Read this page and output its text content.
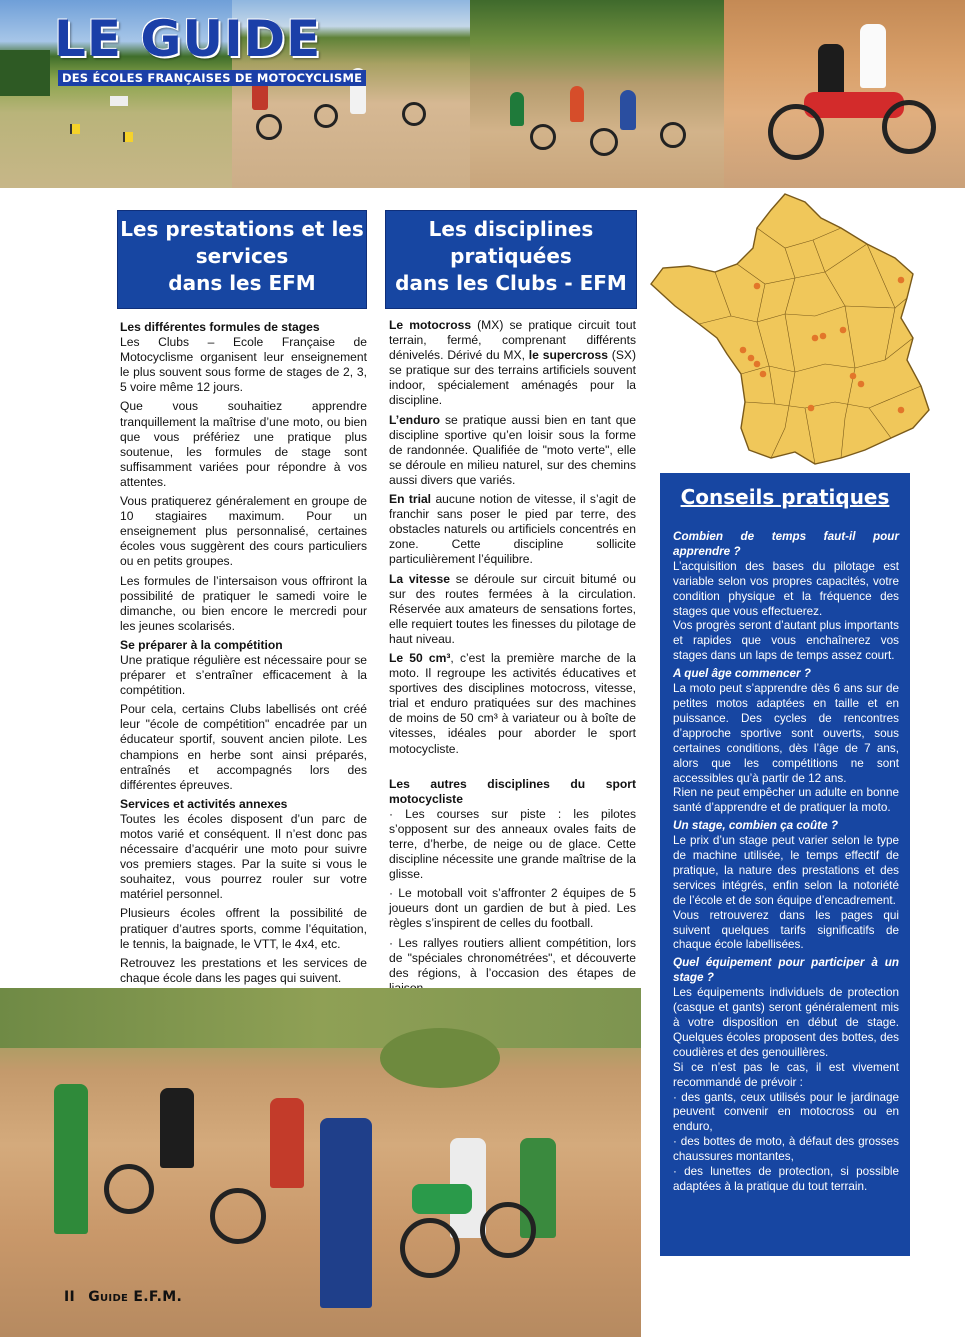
LE GUIDE
DES ÉCOLES FRANÇAISES DE MOTOCYCLISME
Les prestations et les
services
dans les EFM
Les disciplines
pratiquées
dans les Clubs - EFM
Les différentes formules de stages

Les Clubs – Ecole Française de Motocyclisme organisent leur enseignement le plus souvent sous forme de stages de 2, 3, 5 voire même 12 jours.

Que vous souhaitiez apprendre tranquillement la maîtrise d’une moto, ou bien que vous préfériez une pratique plus soutenue, les formules de stage sont suffisamment variées pour répondre à vos attentes.

Vous pratiquerez généralement en groupe de 10 stagiaires maximum. Pour un enseignement plus personnalisé, certaines écoles vous suggèrent des cours particuliers ou en petits groupes.

Les formules de l’intersaison vous offriront la possibilité de pratiquer le samedi voire le dimanche, ou bien encore le mercredi pour les jeunes scolarisés.

Se préparer à la compétition

Une pratique régulière est nécessaire pour se préparer et s’entraîner efficacement à la compétition.

Pour cela, certains Clubs labellisés ont créé leur "école de compétition" encadrée par un éducateur sportif, souvent ancien pilote. Les champions en herbe sont ainsi préparés, entraînés et accompagnés lors des différentes épreuves.

Services et activités annexes

Toutes les écoles disposent d’un parc de motos varié et conséquent. Il n’est donc pas nécessaire d’acquérir une moto pour suivre vos premiers stages. Par la suite si vous le souhaitez, vous pourrez rouler sur votre matériel personnel.

Plusieurs écoles offrent la possibilité de pratiquer d’autres sports, comme l’équitation, le tennis, la baignade, le VTT, le 4x4, etc.

Retrouvez les prestations et les services de chaque école dans les pages qui suivent.

Le motocross (MX) se pratique circuit tout terrain, fermé, comprenant différents dénivelés. Dérivé du MX, le supercross (SX) se pratique sur des terrains artificiels souvent indoor, spécialement aménagés pour la discipline.

L’enduro se pratique aussi bien en tant que discipline sportive qu’en loisir sous la forme de randonnée. Qualifiée de "moto verte", elle se déroule en milieu naturel, sur des chemins aussi divers que variés.

En trial aucune notion de vitesse, il s’agit de franchir sans poser le pied par terre, des obstacles naturels ou artificiels concentrés en zone. Cette discipline sollicite particulièrement l’équilibre.

La vitesse se déroule sur circuit bitumé ou sur des routes fermées à la circulation. Réservée aux amateurs de sensations fortes, elle requiert toutes les finesses du pilotage de haut niveau.

Le 50 cm³, c’est la première marche de la moto. Il regroupe les activités éducatives et sportives des disciplines motocross, vitesse, trial et enduro pratiquées sur des machines de moins de 50 cm³ à variateur ou à boîte de vitesses, idéales pour aborder le sport motocycliste.

Les autres disciplines du sport motocycliste

· Les courses sur piste : les pilotes s’opposent sur des anneaux ovales faits de terre, d’herbe, de neige ou de glace. Cette discipline nécessite une grande maîtrise de la glisse.

· Le motoball voit s’affronter 2 équipes de 5 joueurs dont un gardien de but à pied. Les règles s’inspirent de celles du football.

· Les rallyes routiers allient compétition, lors de "spéciales chronométrées", et découverte des régions, à l’occasion des étapes de

Conseils pratiques

Combien de temps faut-il pour apprendre ?

L’acquisition des bases du pilotage est variable selon vos propres capacités, votre condition physique et la fréquence des stages que vous effectuerez.

Vos progrès seront d’autant plus importants et rapides que vous enchaînerez vos stages dans un laps de temps assez court.

A quel âge commencer ?

La moto peut s’apprendre dès 6 ans sur de petites motos adaptées en taille et en puissance. Des cycles de rencontres d’approche sportive sont ouverts, sous certaines conditions, dès l’âge de 7 ans, alors que les compétitions ne sont accessibles qu’à partir de 12 ans.

Rien ne peut empêcher un adulte en bonne santé d’apprendre et de pratiquer la moto.

Un stage, combien ça coûte ?

Le prix d’un stage peut varier selon le type de machine utilisée, le temps effectif de pratique, la nature des prestations et des services intégrés, enfin selon la notoriété de l’école et de son équipe d’encadrement.

Vous retrouverez dans les pages qui suivent quelques tarifs significatifs de chaque école labellisées.

Quel équipement pour participer à un stage ?

Les équipements individuels de protection (casque et gants) seront généralement mis à votre disposition en début de stage. Quelques écoles proposent des bottes, des coudières et des genouillères.

Si ce n’est pas le cas, il est vivement recommandé de prévoir :

· des gants, ceux utilisés pour le jardinage peuvent convenir en motocross ou en enduro,

· des bottes de moto, à défaut des grosses chaussures montantes,

· des lunettes de protection, si possible adaptées à la pratique du tout terrain.

II Guide E.F.M.
